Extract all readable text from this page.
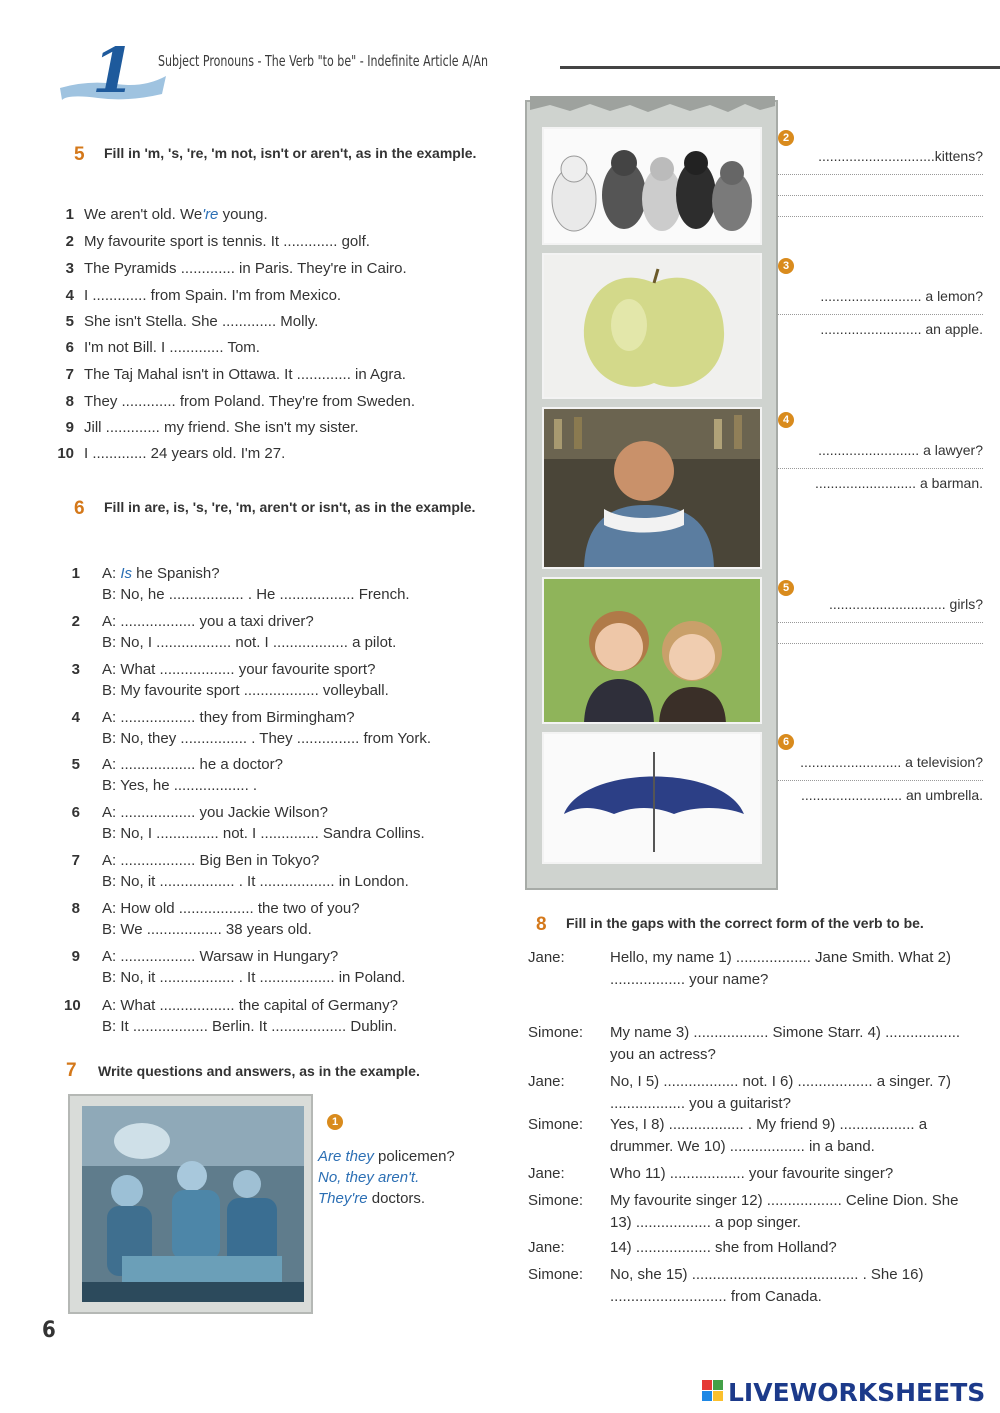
1 Subject Pronouns - The Verb "to be" - Indefinite Article A/An
5 Fill in 'm, 's, 're, 'm not, isn't or aren't, as in the example.
1 We aren't old. We're young.
2 My favourite sport is tennis. It ............. golf.
3 The Pyramids ............. in Paris. They're in Cairo.
4 I ............. from Spain. I'm from Mexico.
5 She isn't Stella. She ............. Molly.
6 I'm not Bill. I ............. Tom.
7 The Taj Mahal isn't in Ottawa. It ............. in Agra.
8 They ............. from Poland. They're from Sweden.
9 Jill ............. my friend. She isn't my sister.
10 I ............. 24 years old. I'm 27.
6 Fill in are, is, 's, 're, 'm, aren't or isn't, as in the example.
1 A: Is he Spanish?
B: No, he .................. . He .................. French.
2 A: .................. you a taxi driver?
B: No, I .................. not. I .................. a pilot.
3 A: What .................. your favourite sport?
B: My favourite sport .................. volleyball.
4 A: .................. they from Birmingham?
B: No, they ................ . They ............... from York.
5 A: .................. he a doctor?
B: Yes, he .................. .
6 A: .................. you Jackie Wilson?
B: No, I ............... not. I .............. Sandra Collins.
7 A: .................. Big Ben in Tokyo?
B: No, it .................. . It .................. in London.
8 A: How old .................. the two of you?
B: We .................. 38 years old.
9 A: .................. Warsaw in Hungary?
B: No, it .................. . It .................. in Poland.
10 A: What .................. the capital of Germany?
B: It .................. Berlin. It .................. Dublin.
7 Write questions and answers, as in the example.
1
Are they policemen?
No, they aren't.
They're doctors.
2
..............................kittens?
3
.......................... a lemon?
.......................... an apple.
4
.......................... a lawyer?
.......................... a barman.
5
.............................. girls?
6
.......................... a television?
.......................... an umbrella.
8 Fill in the gaps with the correct form of the verb to be.
Jane:	Hello, my name 1) .................. Jane Smith. What 2) .................. your name?
Simone: My name 3) .................. Simone Starr. 4) .................. you an actress?
Jane:	No, I 5) .................. not. I 6) .................. a singer. 7) .................. you a guitarist?
Simone: Yes, I 8) .................. . My friend 9) .................. a drummer. We 10) .................. in a band.
Jane:	Who 11) .................. your favourite singer?
Simone: My favourite singer 12) .................. Celine Dion. She 13) .................. a pop singer.
Jane:	14) .................. she from Holland?
Simone: No, she 15) ........................................ . She 16) ............................ from Canada.
6
LIVEWORKSHEETS
